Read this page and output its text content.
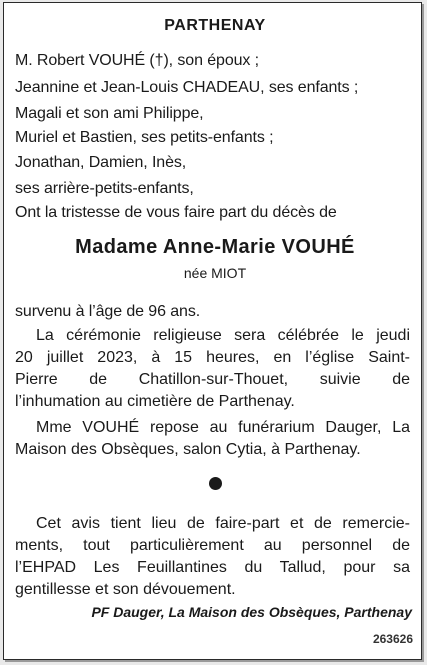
PARTHENAY
M. Robert VOUHÉ (†), son époux ;
Jeannine et Jean-Louis CHADEAU, ses enfants ;
Magali et son ami Philippe,
Muriel et Bastien, ses petits-enfants ;
Jonathan, Damien, Inès,
ses arrière-petits-enfants,
Ont la tristesse de vous faire part du décès de
Madame Anne-Marie VOUHÉ
née MIOT
survenu à l’âge de 96 ans.
La cérémonie religieuse sera célébrée le jeudi
20 juillet 2023, à 15 heures, en l’église Saint-
Pierre de Chatillon-sur-Thouet, suivie de
l’inhumation au cimetière de Parthenay.
Mme VOUHÉ repose au funérarium Dauger, La
Maison des Obsèques, salon Cytia, à Parthenay.
Cet avis tient lieu de faire-part et de remercie-
ments, tout particulièrement au personnel de
l’EHPAD Les Feuillantines du Tallud, pour sa
gentillesse et son dévouement.
PF Dauger, La Maison des Obsèques, Parthenay
263626
